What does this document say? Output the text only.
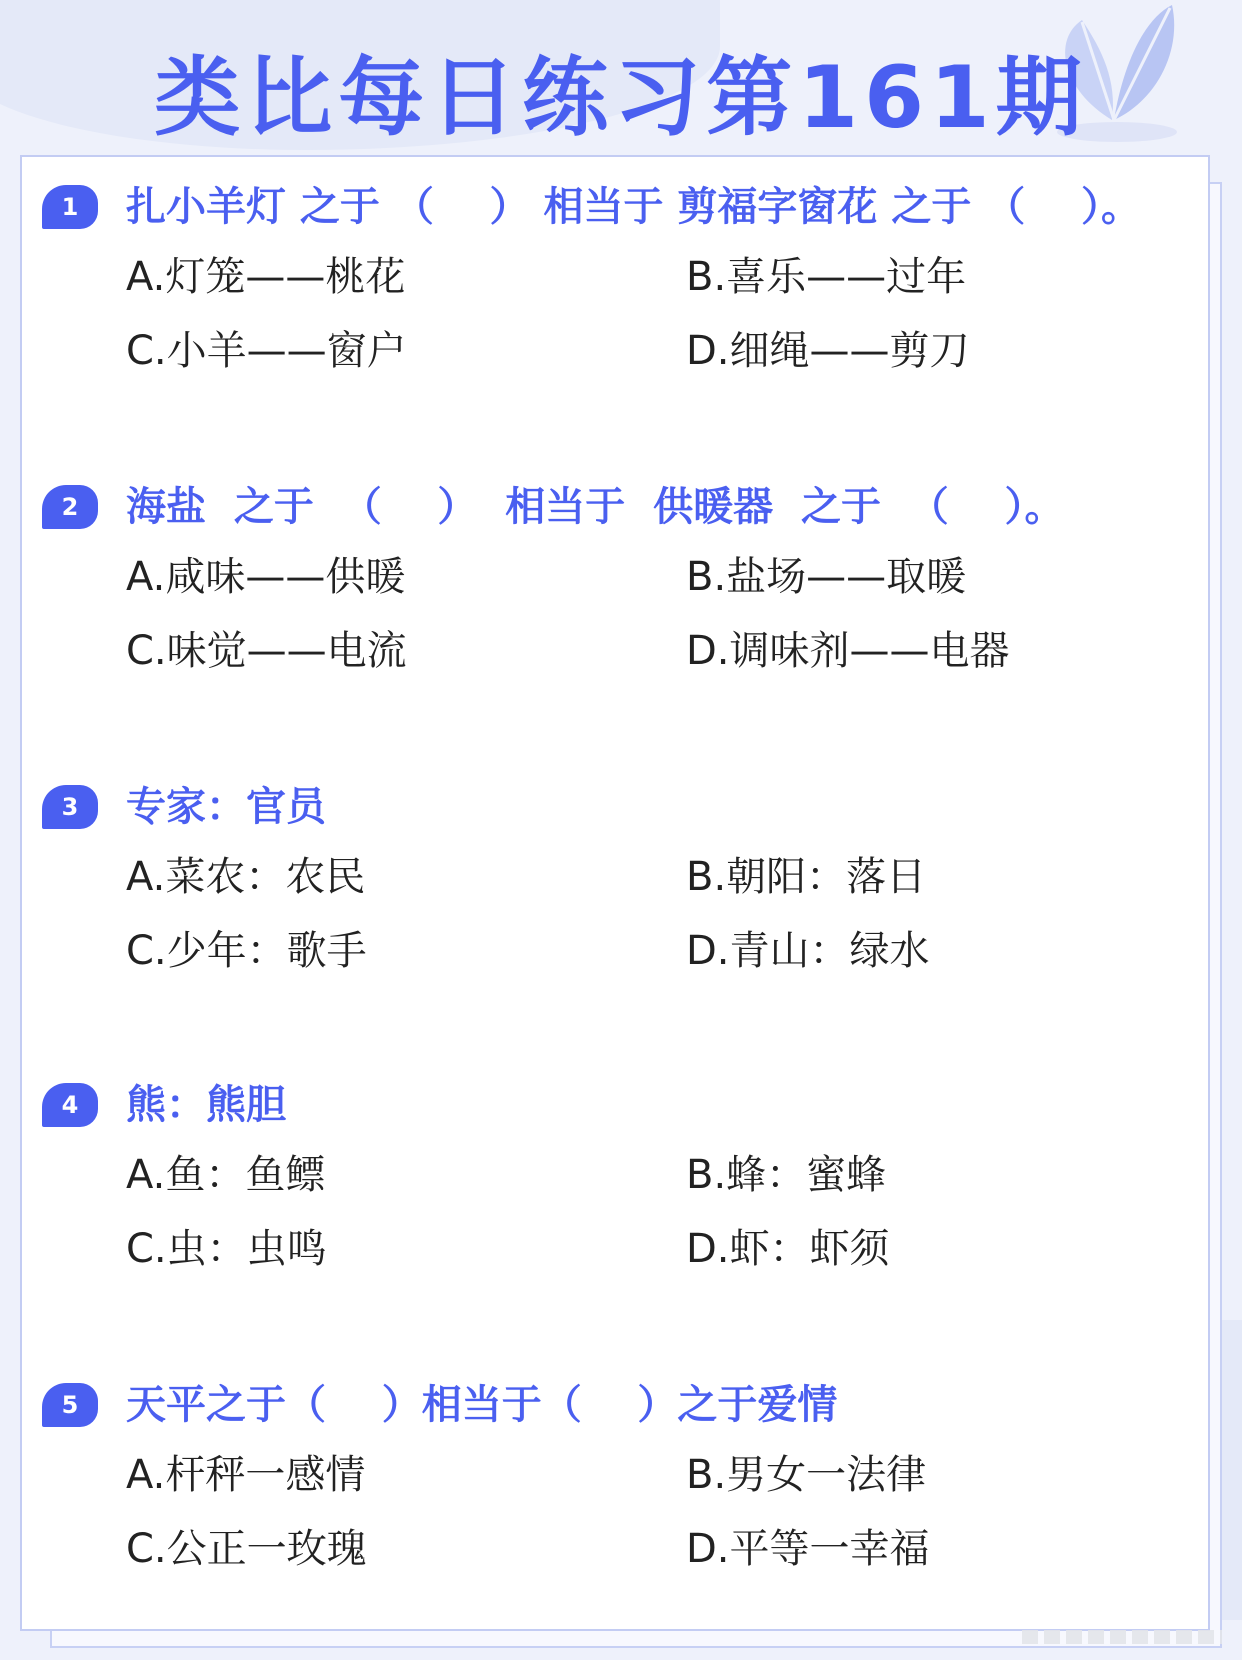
类比每日练习第161期
1	扎小羊灯 之于 （    ） 相当于 剪福字窗花 之于 （    ）。
A.灯笼——桃花	B.喜乐——过年
C.小羊——窗户	D.细绳——剪刀
2	海盐  之于  （    ）  相当于  供暖器  之于  （    ）。
A.咸味——供暖	B.盐场——取暖
C.味觉——电流	D.调味剂——电器
3	专家：官员
A.菜农：农民	B.朝阳：落日
C.少年：歌手	D.青山：绿水
4	熊：熊胆
A.鱼：鱼鳔	B.蜂：蜜蜂
C.虫：虫鸣	D.虾：虾须
5	天平之于（    ）相当于（    ）之于爱情
A.杆秤一感情	B.男女一法律
C.公正一玫瑰	D.平等一幸福
